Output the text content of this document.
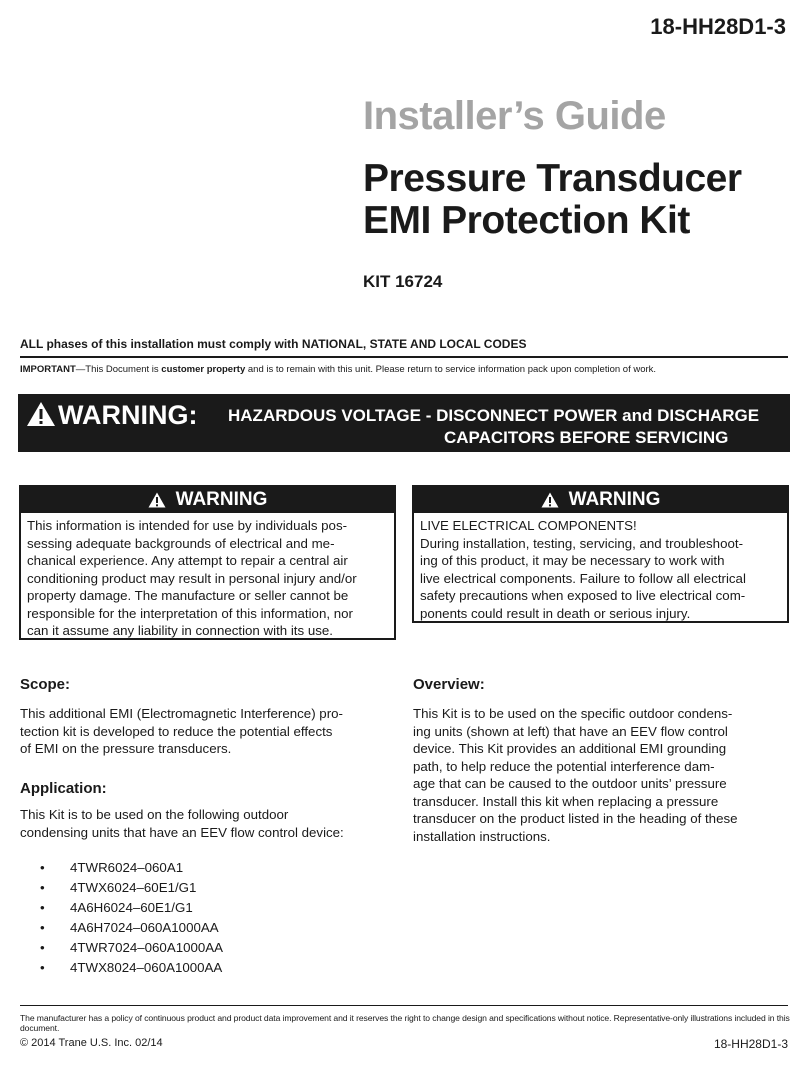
18-HH28D1-3
Installer’s Guide
Pressure Transducer
EMI Protection Kit
KIT 16724
ALL phases of this installation must comply with NATIONAL, STATE AND LOCAL CODES
IMPORTANT—This Document is customer property and is to remain with this unit. Please return to service information pack upon completion of work.
WARNING: HAZARDOUS VOLTAGE - DISCONNECT POWER and DISCHARGE
CAPACITORS BEFORE SERVICING
WARNING
This information is intended for use by individuals pos-
sessing adequate backgrounds of electrical and me-
chanical experience. Any attempt to repair a central air
conditioning product may result in personal injury and/or
property damage. The manufacture or seller cannot be
responsible for the interpretation of this information, nor
can it assume any liability in connection with its use.
WARNING
LIVE ELECTRICAL COMPONENTS!
During installation, testing, servicing, and troubleshoot-
ing of this product, it may be necessary to work with
live electrical components. Failure to follow all electrical
safety precautions when exposed to live electrical com-
ponents could result in death or serious injury.
Scope:
This additional EMI (Electromagnetic Interference) pro-
tection kit is developed to reduce the potential effects
of EMI on the pressure transducers.
Application:
This Kit is to be used on the following outdoor
condensing units that have an EEV flow control device:
• 4TWR6024–060A1
• 4TWX6024–60E1/G1
• 4A6H6024–60E1/G1
• 4A6H7024–060A1000AA
• 4TWR7024–060A1000AA
• 4TWX8024–060A1000AA
Overview:
This Kit is to be used on the specific outdoor condens-
ing units (shown at left) that have an EEV flow control
device. This Kit provides an additional EMI grounding
path, to help reduce the potential interference dam-
age that can be caused to the outdoor units’ pressure
transducer. Install this kit when replacing a pressure
transducer on the product listed in the heading of these
installation instructions.
The manufacturer has a policy of continuous product and product data improvement and it reserves the right to change design and specifications without notice. Representative-only illustrations included in this document.
© 2014 Trane U.S. Inc. 02/14	18-HH28D1-3
